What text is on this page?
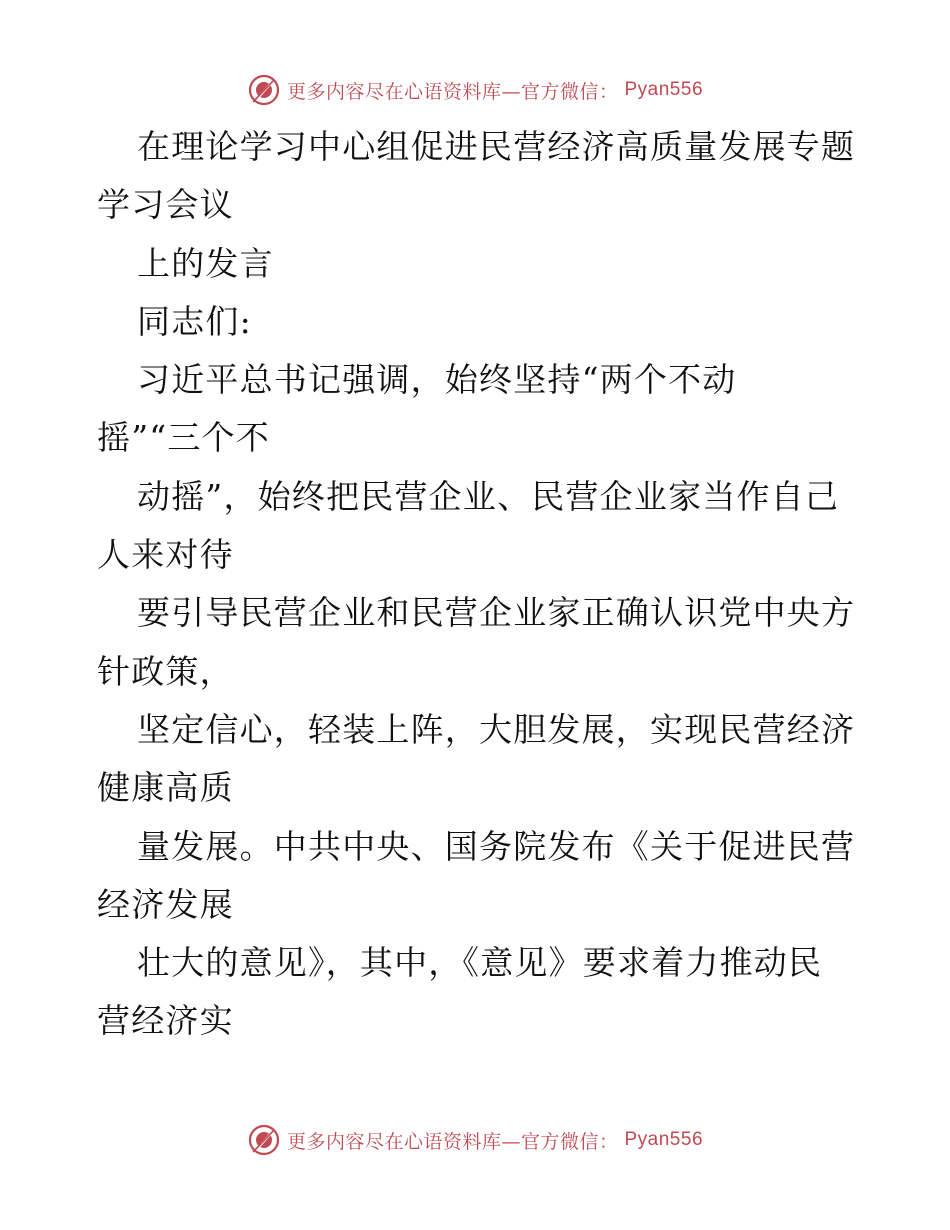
更多内容尽在心语资料库—官方微信： Pyan556
在理论学习中心组促进民营经济高质量发展专题
学习会议
上的发言
同志们:
习近平总书记强调，始终坚持“两个不动
摇”“三个不
动摇”，始终把民营企业、民营企业家当作自己
人来对待
要引导民营企业和民营企业家正确认识党中央方
针政策，
坚定信心，轻装上阵，大胆发展，实现民营经济
健康高质
量发展。中共中央、国务院发布《关于促进民营
经济发展
壮大的意见》，其中，《意见》要求着力推动民
营经济实
更多内容尽在心语资料库—官方微信： Pyan556
